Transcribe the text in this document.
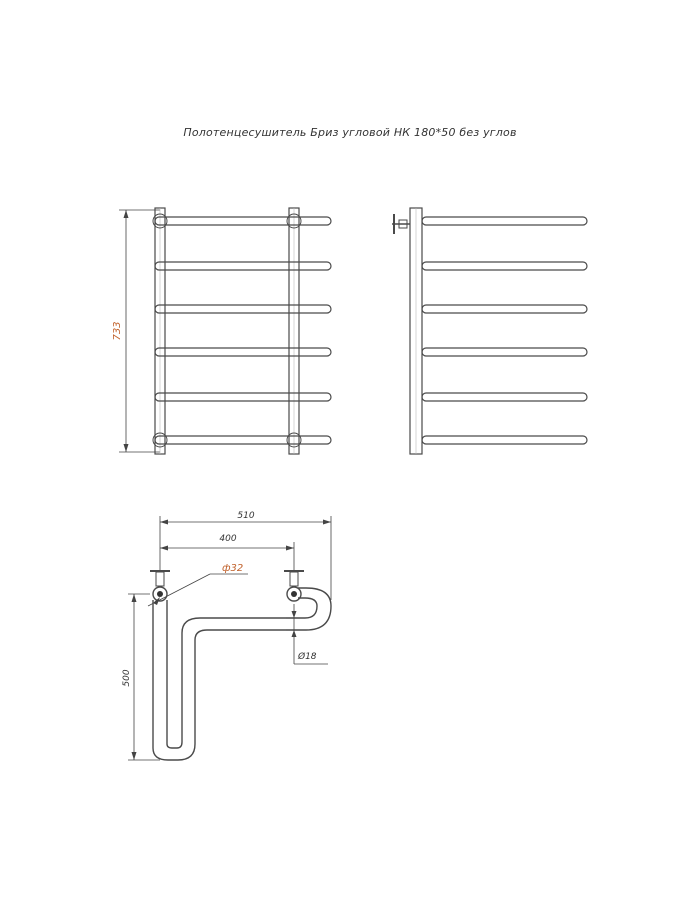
Полотенцесушитель Бриз угловой НК 180*50 без углов
733
510
400
ф32
500
Ø18
